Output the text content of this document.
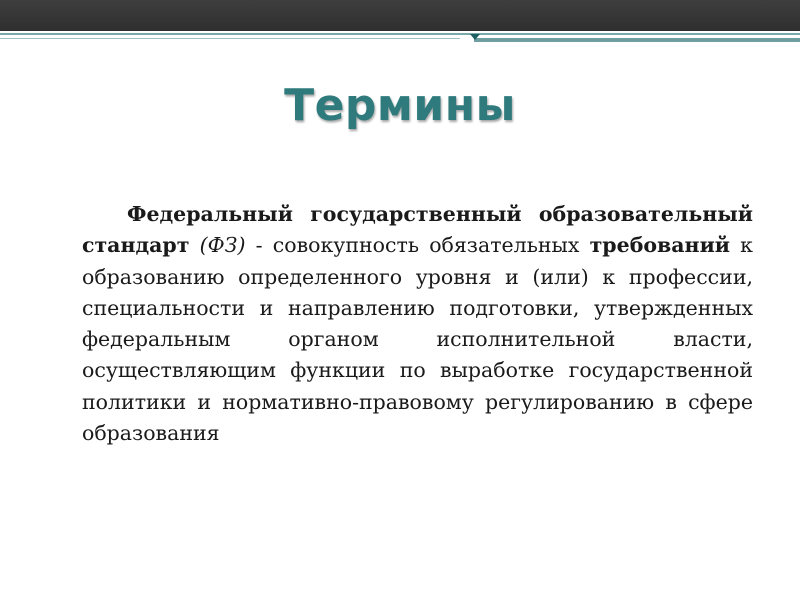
Термины

Федеральный государственный образовательный стандарт (ФЗ) - совокупность обязательных требований к образованию определенного уровня и (или) к профессии, специальности и направлению подготовки, утвержденных федеральным органом исполнительной власти, осуществляющим функции по выработке государственной политики и нормативно-правовому регулированию в сфере образования
